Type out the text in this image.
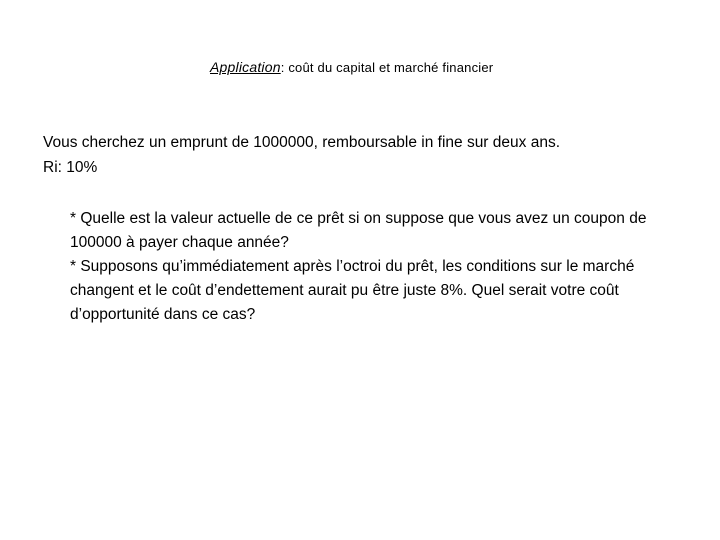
Application: coût du capital et marché financier

Vous cherchez un emprunt de 1000000, remboursable in fine sur deux ans.

Ri: 10%

* Quelle est la valeur actuelle de ce prêt si on suppose que vous avez un coupon de 100000 à payer chaque année?

* Supposons qu’immédiatement après l’octroi du prêt, les conditions sur le marché changent et le coût d’endettement aurait pu être juste 8%. Quel serait votre coût d’opportunité dans ce cas?
